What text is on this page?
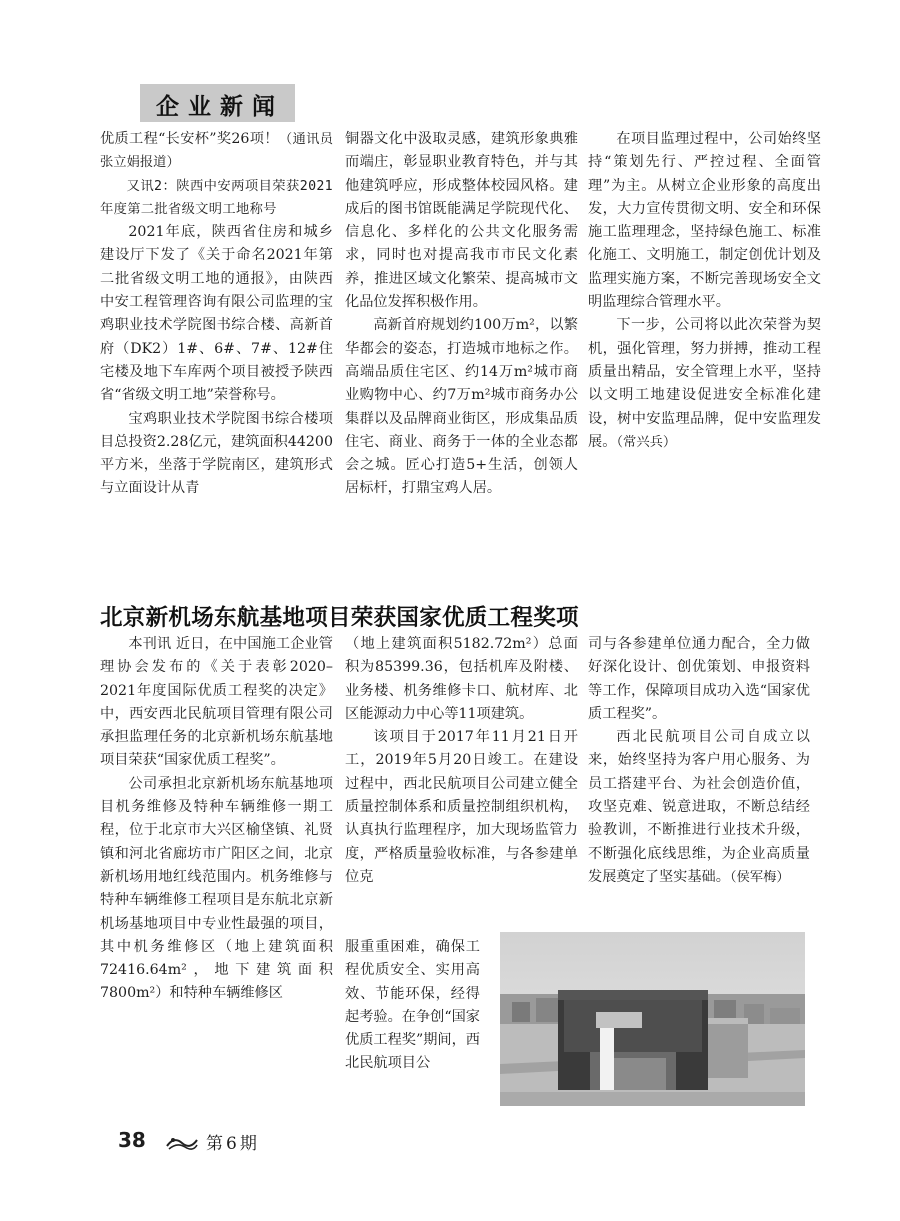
企业新闻

优质工程“长安杯”奖26项！（通讯员 张立娟报道）

又讯2：陕西中安两项目荣获2021年度第二批省级文明工地称号

2021年底，陕西省住房和城乡建设厅下发了《关于命名2021年第二批省级文明工地的通报》，由陕西中安工程管理咨询有限公司监理的宝鸡职业技术学院图书综合楼、高新首府（DK2）1#、6#、7#、12#住宅楼及地下车库两个项目被授予陕西省“省级文明工地”荣誉称号。

宝鸡职业技术学院图书综合楼项目总投资2.28亿元，建筑面积44200平方米，坐落于学院南区，建筑形式与立面设计从青

铜器文化中汲取灵感，建筑形象典雅而端庄，彰显职业教育特色，并与其他建筑呼应，形成整体校园风格。建成后的图书馆既能满足学院现代化、信息化、多样化的公共文化服务需求，同时也对提高我市市民文化素养，推进区域文化繁荣、提高城市文化品位发挥积极作用。

高新首府规划约100万m²，以繁华都会的姿态，打造城市地标之作。高端品质住宅区、约14万m²城市商业购物中心、约7万m²城市商务办公集群以及品牌商业街区，形成集品质住宅、商业、商务于一体的全业态都会之城。匠心打造5+生活，创领人居标杆，打鼎宝鸡人居。

在项目监理过程中，公司始终坚持“策划先行、严控过程、全面管理”为主。从树立企业形象的高度出发，大力宣传贯彻文明、安全和环保施工监理理念，坚持绿色施工、标准化施工、文明施工，制定创优计划及监理实施方案，不断完善现场安全文明监理综合管理水平。

下一步，公司将以此次荣誉为契机，强化管理，努力拼搏，推动工程质量出精品，安全管理上水平，坚持以文明工地建设促进安全标准化建设，树中安监理品牌，促中安监理发展。（常兴兵）

北京新机场东航基地项目荣获国家优质工程奖项

本刊讯 近日，在中国施工企业管理协会发布的《关于表彰2020–2021年度国际优质工程奖的决定》中，西安西北民航项目管理有限公司承担监理任务的北京新机场东航基地项目荣获“国家优质工程奖”。

公司承担北京新机场东航基地项目机务维修及特种车辆维修一期工程，位于北京市大兴区榆垡镇、礼贤镇和河北省廊坊市广阳区之间，北京新机场用地红线范围内。机务维修与特种车辆维修工程项目是东航北京新机场基地项目中专业性最强的项目，其中机务维修区（地上建筑面积72416.64m²，地下建筑面积7800m²）和特种车辆维修区

（地上建筑面积5182.72m²）总面积为85399.36，包括机库及附楼、业务楼、机务维修卡口、航材库、北区能源动力中心等11项建筑。

该项目于2017年11月21日开工，2019年5月20日竣工。在建设过程中，西北民航项目公司建立健全质量控制体系和质量控制组织机构，认真执行监理程序，加大现场监管力度，严格质量验收标准，与各参建单位克

服重重困难，确保工程优质安全、实用高效、节能环保，经得起考验。在争创“国家优质工程奖”期间，西北民航项目公

司与各参建单位通力配合，全力做好深化设计、创优策划、申报资料等工作，保障项目成功入选“国家优质工程奖”。

西北民航项目公司自成立以来，始终坚持为客户用心服务、为员工搭建平台、为社会创造价值，攻坚克难、锐意进取，不断总结经验教训，不断推进行业技术升级，不断强化底线思维，为企业高质量发展奠定了坚实基础。（侯军梅）

38	第6期
